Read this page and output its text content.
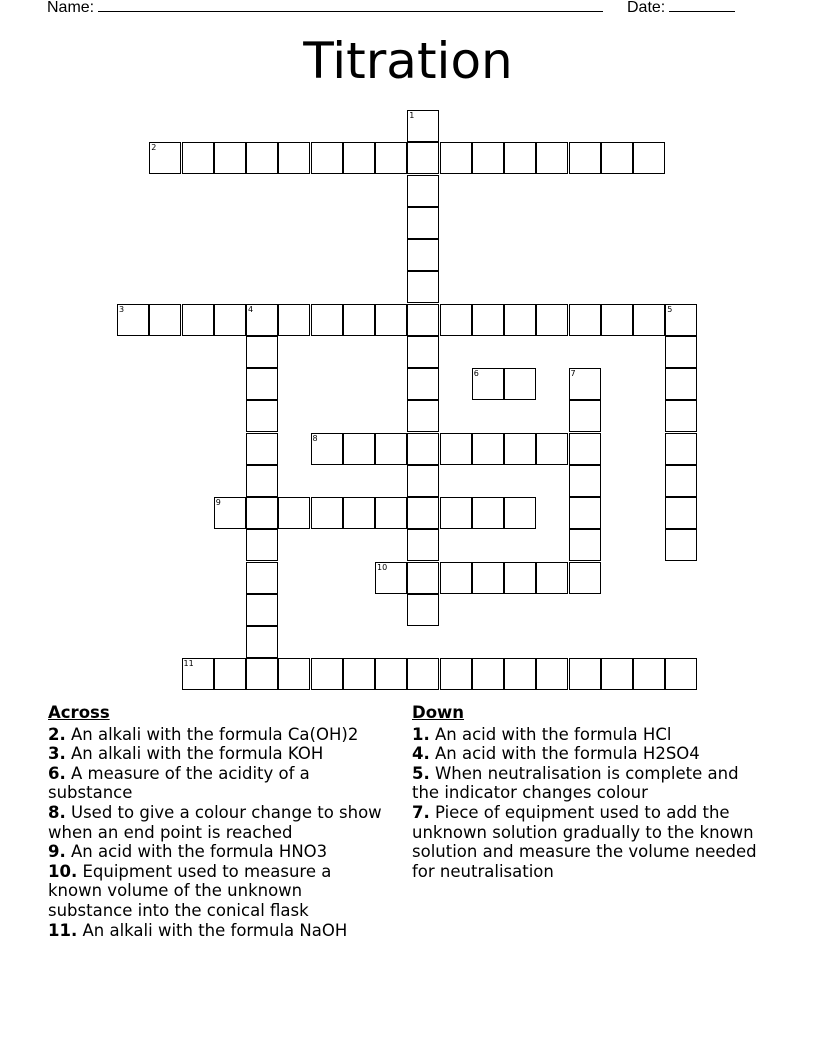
Name:	Date:
Titration
1
2
3	4	5
6	7
8
9
10
11
Across
2. An alkali with the formula Ca(OH)2
3. An alkali with the formula KOH
6. A measure of the acidity of a substance
8. Used to give a colour change to show when an end point is reached
9. An acid with the formula HNO3
10. Equipment used to measure a known volume of the unknown substance into the conical flask
11. An alkali with the formula NaOH
Down
1. An acid with the formula HCl
4. An acid with the formula H2SO4
5. When neutralisation is complete and the indicator changes colour
7. Piece of equipment used to add the unknown solution gradually to the known solution and measure the volume needed for neutralisation
